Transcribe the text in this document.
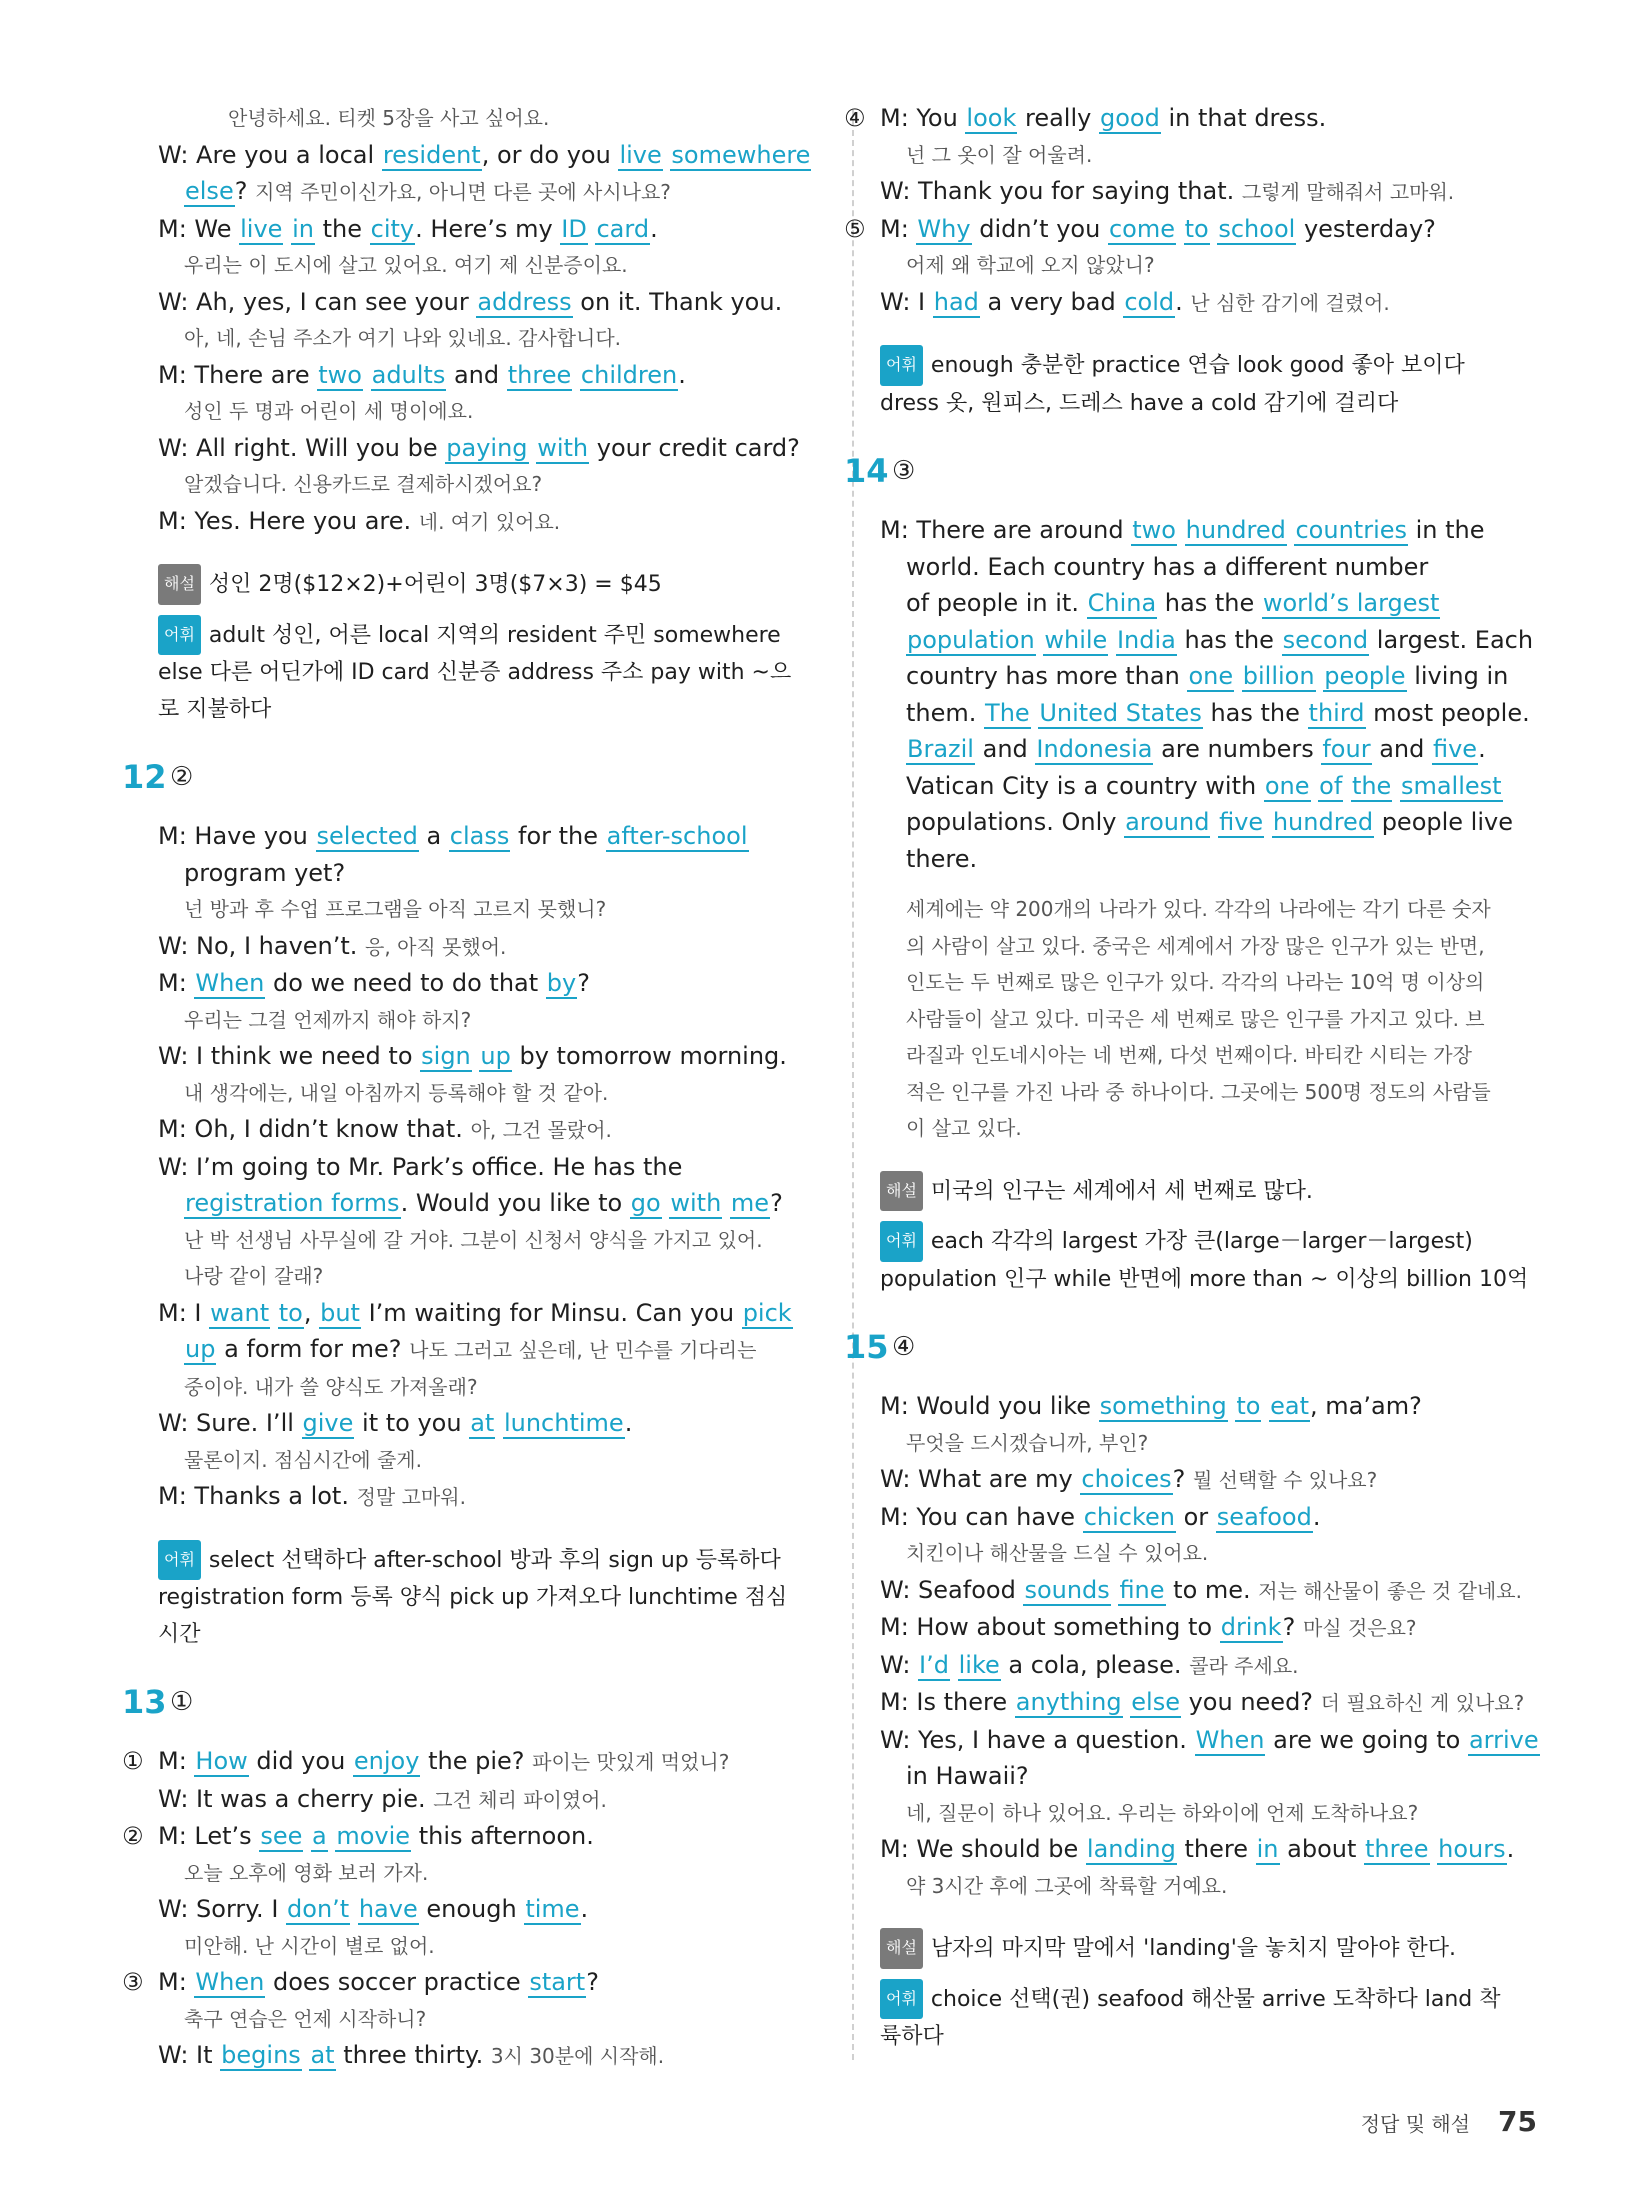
안녕하세요. 티켓 5장을 사고 싶어요.
W: Are you a local resident, or do you live somewhere
else? 지역 주민이신가요, 아니면 다른 곳에 사시나요?
M: We live in the city. Here’s my ID card.
우리는 이 도시에 살고 있어요. 여기 제 신분증이요.
W: Ah, yes, I can see your address on it. Thank you.
아, 네, 손님 주소가 여기 나와 있네요. 감사합니다.
M: There are two adults and three children.
성인 두 명과 어린이 세 명이에요.
W: All right. Will you be paying with your credit card?
알겠습니다. 신용카드로 결제하시겠어요?
M: Yes. Here you are. 네. 여기 있어요.
해설 성인 2명($12×2)+어린이 3명($7×3) = $45
어휘 adult 성인, 어른 local 지역의 resident 주민 somewhere
else 다른 어딘가에 ID card 신분증 address 주소 pay with ~으
로 지불하다
12 ②
M: Have you selected a class for the after-school
program yet?
넌 방과 후 수업 프로그램을 아직 고르지 못했니?
W: No, I haven’t. 응, 아직 못했어.
M: When do we need to do that by?
우리는 그걸 언제까지 해야 하지?
W: I think we need to sign up by tomorrow morning.
내 생각에는, 내일 아침까지 등록해야 할 것 같아.
M: Oh, I didn’t know that. 아, 그건 몰랐어.
W: I’m going to Mr. Park’s office. He has the
registration forms. Would you like to go with me?
난 박 선생님 사무실에 갈 거야. 그분이 신청서 양식을 가지고 있어.
나랑 같이 갈래?
M: I want to, but I’m waiting for Minsu. Can you pick
up a form for me? 나도 그러고 싶은데, 난 민수를 기다리는
중이야. 내가 쓸 양식도 가져올래?
W: Sure. I’ll give it to you at lunchtime.
물론이지. 점심시간에 줄게.
M: Thanks a lot. 정말 고마워.
어휘 select 선택하다 after-school 방과 후의 sign up 등록하다
registration form 등록 양식 pick up 가져오다 lunchtime 점심
시간
13 ①
① M: How did you enjoy the pie? 파이는 맛있게 먹었니?
W: It was a cherry pie. 그건 체리 파이였어.
② M: Let’s see a movie this afternoon.
오늘 오후에 영화 보러 가자.
W: Sorry. I don’t have enough time.
미안해. 난 시간이 별로 없어.
③ M: When does soccer practice start?
축구 연습은 언제 시작하니?
W: It begins at three thirty. 3시 30분에 시작해.
④ M: You look really good in that dress.
넌 그 옷이 잘 어울려.
W: Thank you for saying that. 그렇게 말해줘서 고마워.
⑤ M: Why didn’t you come to school yesterday?
어제 왜 학교에 오지 않았니?
W: I had a very bad cold. 난 심한 감기에 걸렸어.
어휘 enough 충분한 practice 연습 look good 좋아 보이다
dress 옷, 원피스, 드레스 have a cold 감기에 걸리다
14 ③
M: There are around two hundred countries in the
world. Each country has a different number
of people in it. China has the world’s largest
population while India has the second largest. Each
country has more than one billion people living in
them. The United States has the third most people.
Brazil and Indonesia are numbers four and five.
Vatican City is a country with one of the smallest
populations. Only around five hundred people live
there.
세계에는 약 200개의 나라가 있다. 각각의 나라에는 각기 다른 숫자
의 사람이 살고 있다. 중국은 세계에서 가장 많은 인구가 있는 반면,
인도는 두 번째로 많은 인구가 있다. 각각의 나라는 10억 명 이상의
사람들이 살고 있다. 미국은 세 번째로 많은 인구를 가지고 있다. 브
라질과 인도네시아는 네 번째, 다섯 번째이다. 바티칸 시티는 가장
적은 인구를 가진 나라 중 하나이다. 그곳에는 500명 정도의 사람들
이 살고 있다.
해설 미국의 인구는 세계에서 세 번째로 많다.
어휘 each 각각의 largest 가장 큰(large－larger－largest)
population 인구 while 반면에 more than ~ 이상의 billion 10억
15 ④
M: Would you like something to eat, ma’am?
무엇을 드시겠습니까, 부인?
W: What are my choices? 뭘 선택할 수 있나요?
M: You can have chicken or seafood.
치킨이나 해산물을 드실 수 있어요.
W: Seafood sounds fine to me. 저는 해산물이 좋은 것 같네요.
M: How about something to drink? 마실 것은요?
W: I’d like a cola, please. 콜라 주세요.
M: Is there anything else you need? 더 필요하신 게 있나요?
W: Yes, I have a question. When are we going to arrive
in Hawaii?
네, 질문이 하나 있어요. 우리는 하와이에 언제 도착하나요?
M: We should be landing there in about three hours.
약 3시간 후에 그곳에 착륙할 거예요.
해설 남자의 마지막 말에서 'landing'을 놓치지 말아야 한다.
어휘 choice 선택(권) seafood 해산물 arrive 도착하다 land 착
륙하다
정답 및 해설 75
